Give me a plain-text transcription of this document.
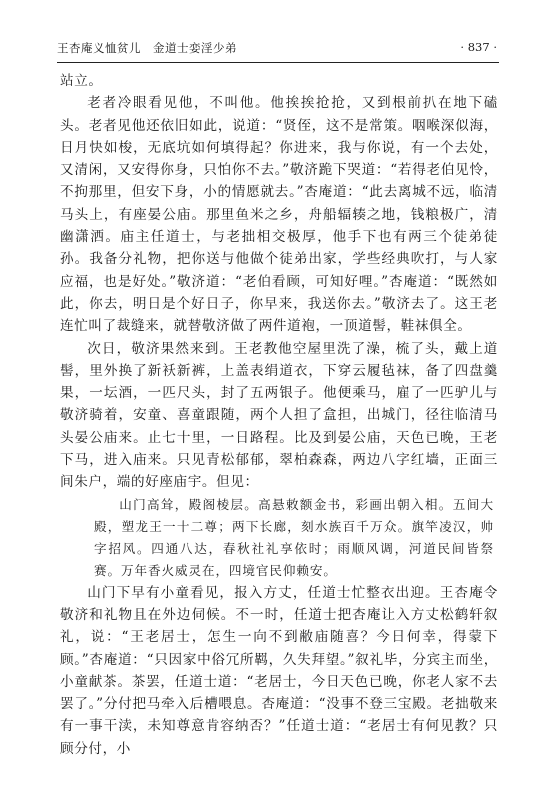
王杏庵义恤贫儿　金道士娈淫少弟	· 837 ·

站立。

老者冷眼看见他，不叫他。他挨挨抢抢，又到根前扒在地下磕头。老者见他还依旧如此，说道：“贤侄，这不是常策。咽喉深似海，日月快如梭，无底坑如何填得起？你进来，我与你说，有一个去处，又清闲，又安得你身，只怕你不去。”敬济跪下哭道：“若得老伯见怜，不拘那里，但安下身，小的情愿就去。”杏庵道：“此去离城不远，临清马头上，有座晏公庙。那里鱼米之乡，舟船辐辏之地，钱粮极广，清幽潇洒。庙主任道士，与老拙相交极厚，他手下也有两三个徒弟徒孙。我备分礼物，把你送与他做个徒弟出家，学些经典吹打，与人家应福，也是好处。”敬济道：“老伯看顾，可知好哩。”杏庵道：“既然如此，你去，明日是个好日子，你早来，我送你去。”敬济去了。这王老连忙叫了裁缝来，就替敬济做了两件道袍，一顶道髻，鞋袜俱全。

次日，敬济果然来到。王老教他空屋里洗了澡，梳了头，戴上道髻，里外换了新袄新裤，上盖表绢道衣，下穿云履毡袜，备了四盘羹果，一坛酒，一匹尺头，封了五两银子。他便乘马，雇了一匹驴儿与敬济骑着，安童、喜童跟随，两个人担了盒担，出城门，径往临清马头晏公庙来。止七十里，一日路程。比及到晏公庙，天色已晚，王老下马，进入庙来。只见青松郁郁，翠柏森森，两边八字红墙，正面三间朱户，端的好座庙宇。但见：

山门高耸，殿阁棱层。高悬敕额金书，彩画出朝入相。五间大殿，塑龙王一十二尊；两下长廊，刻水族百千万众。旗竿凌汉，帅字招风。四通八达，春秋社礼享依时；雨顺风调，河道民间皆祭赛。万年香火威灵在，四境官民仰赖安。

山门下早有小童看见，报入方丈，任道士忙整衣出迎。王杏庵令敬济和礼物且在外边伺候。不一时，任道士把杏庵让入方丈松鹤轩叙礼，说：“王老居士，怎生一向不到敝庙随喜？今日何幸，得蒙下顾。”杏庵道：“只因家中俗冗所羁，久失拜望。”叙礼毕，分宾主而坐，小童献茶。茶罢，任道士道：“老居士，今日天色已晚，你老人家不去罢了。”分付把马牵入后槽喂息。杏庵道：“没事不登三宝殿。老拙敬来有一事干渎，未知尊意肯容纳否？”任道士道：“老居士有何见教？只顾分付，小
